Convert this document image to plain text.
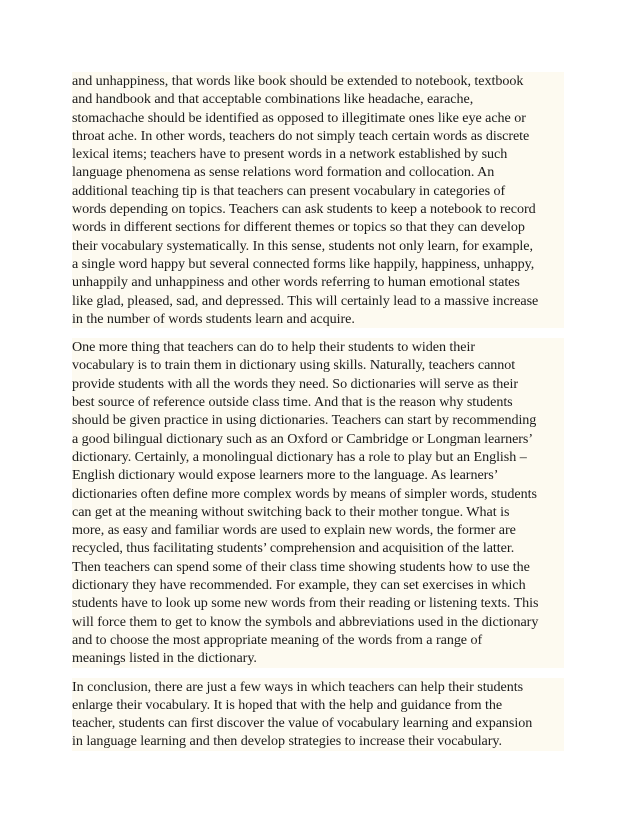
and unhappiness, that words like book should be extended to notebook, textbook
and handbook and that acceptable combinations like headache, earache,
stomachache should be identified as opposed to illegitimate ones like eye ache or
throat ache. In other words, teachers do not simply teach certain words as discrete
lexical items; teachers have to present words in a network established by such
language phenomena as sense relations word formation and collocation. An
additional teaching tip is that teachers can present vocabulary in categories of
words depending on topics. Teachers can ask students to keep a notebook to record
words in different sections for different themes or topics so that they can develop
their vocabulary systematically. In this sense, students not only learn, for example,
a single word happy but several connected forms like happily, happiness, unhappy,
unhappily and unhappiness and other words referring to human emotional states
like glad, pleased, sad, and depressed. This will certainly lead to a massive increase
in the number of words students learn and acquire.
One more thing that teachers can do to help their students to widen their
vocabulary is to train them in dictionary using skills. Naturally, teachers cannot
provide students with all the words they need. So dictionaries will serve as their
best source of reference outside class time. And that is the reason why students
should be given practice in using dictionaries. Teachers can start by recommending
a good bilingual dictionary such as an Oxford or Cambridge or Longman learners’
dictionary. Certainly, a monolingual dictionary has a role to play but an English –
English dictionary would expose learners more to the language. As learners’
dictionaries often define more complex words by means of simpler words, students
can get at the meaning without switching back to their mother tongue. What is
more, as easy and familiar words are used to explain new words, the former are
recycled, thus facilitating students’ comprehension and acquisition of the latter.
Then teachers can spend some of their class time showing students how to use the
dictionary they have recommended. For example, they can set exercises in which
students have to look up some new words from their reading or listening texts. This
will force them to get to know the symbols and abbreviations used in the dictionary
and to choose the most appropriate meaning of the words from a range of
meanings listed in the dictionary.
In conclusion, there are just a few ways in which teachers can help their students
enlarge their vocabulary. It is hoped that with the help and guidance from the
teacher, students can first discover the value of vocabulary learning and expansion
in language learning and then develop strategies to increase their vocabulary.
